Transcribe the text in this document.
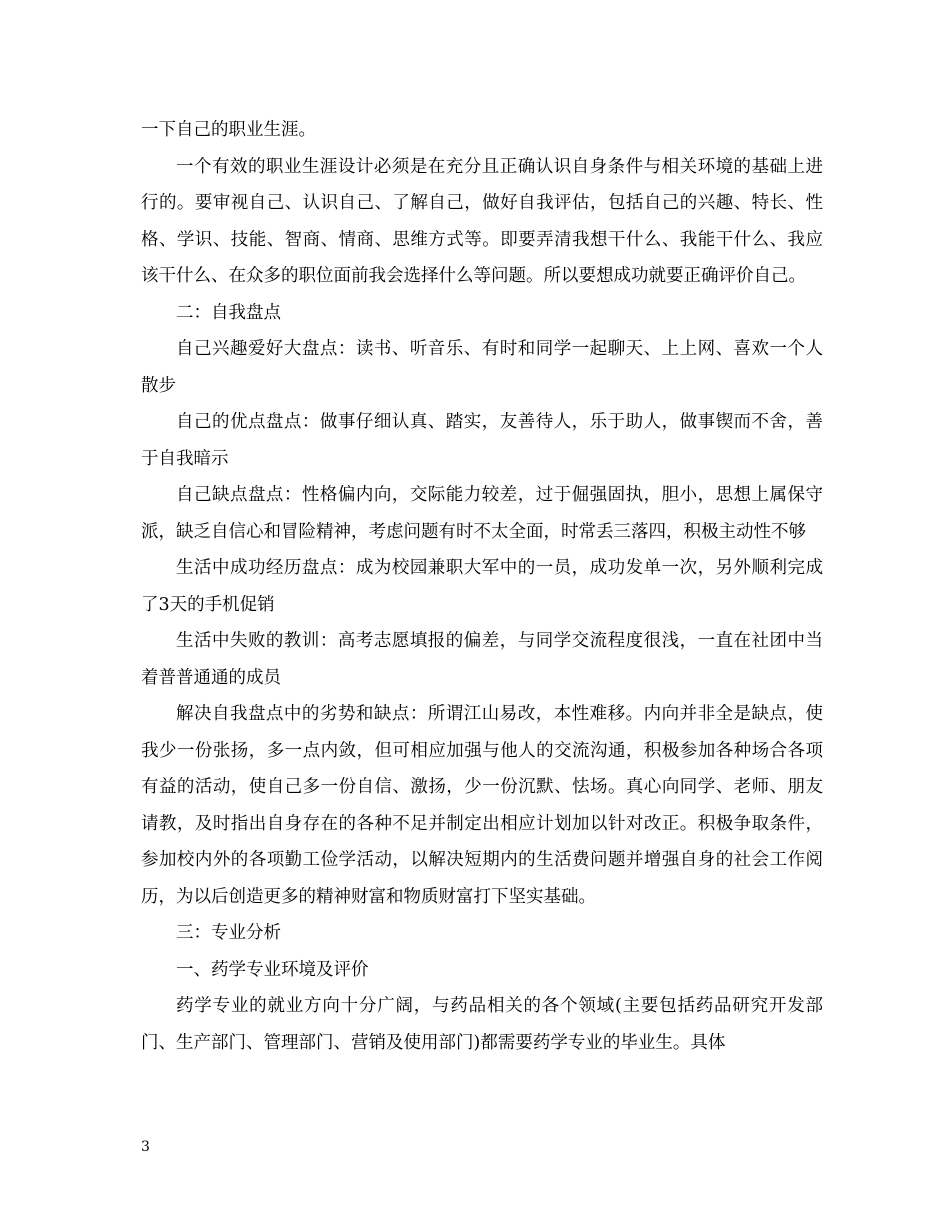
一下自己的职业生涯。

一个有效的职业生涯设计必须是在充分且正确认识自身条件与相关环境的基础上进行的。要审视自己、认识自己、了解自己，做好自我评估，包括自己的兴趣、特长、性格、学识、技能、智商、情商、思维方式等。即要弄清我想干什么、我能干什么、我应该干什么、在众多的职位面前我会选择什么等问题。所以要想成功就要正确评价自己。

二：自我盘点

自己兴趣爱好大盘点：读书、听音乐、有时和同学一起聊天、上上网、喜欢一个人散步

自己的优点盘点：做事仔细认真、踏实，友善待人，乐于助人，做事锲而不舍，善于自我暗示

自己缺点盘点：性格偏内向，交际能力较差，过于倔强固执，胆小，思想上属保守派，缺乏自信心和冒险精神，考虑问题有时不太全面，时常丢三落四，积极主动性不够

生活中成功经历盘点：成为校园兼职大军中的一员，成功发单一次，另外顺利完成了3天的手机促销

生活中失败的教训：高考志愿填报的偏差，与同学交流程度很浅，一直在社团中当着普普通通的成员

解决自我盘点中的劣势和缺点：所谓江山易改，本性难移。内向并非全是缺点，使我少一份张扬，多一点内敛，但可相应加强与他人的交流沟通，积极参加各种场合各项有益的活动，使自己多一份自信、激扬，少一份沉默、怯场。真心向同学、老师、朋友请教，及时指出自身存在的各种不足并制定出相应计划加以针对改正。积极争取条件，参加校内外的各项勤工俭学活动，以解决短期内的生活费问题并增强自身的社会工作阅历，为以后创造更多的精神财富和物质财富打下坚实基础。

三：专业分析

一、药学专业环境及评价

药学专业的就业方向十分广阔，与药品相关的各个领域(主要包括药品研究开发部门、生产部门、管理部门、营销及使用部门)都需要药学专业的毕业生。具体

3
